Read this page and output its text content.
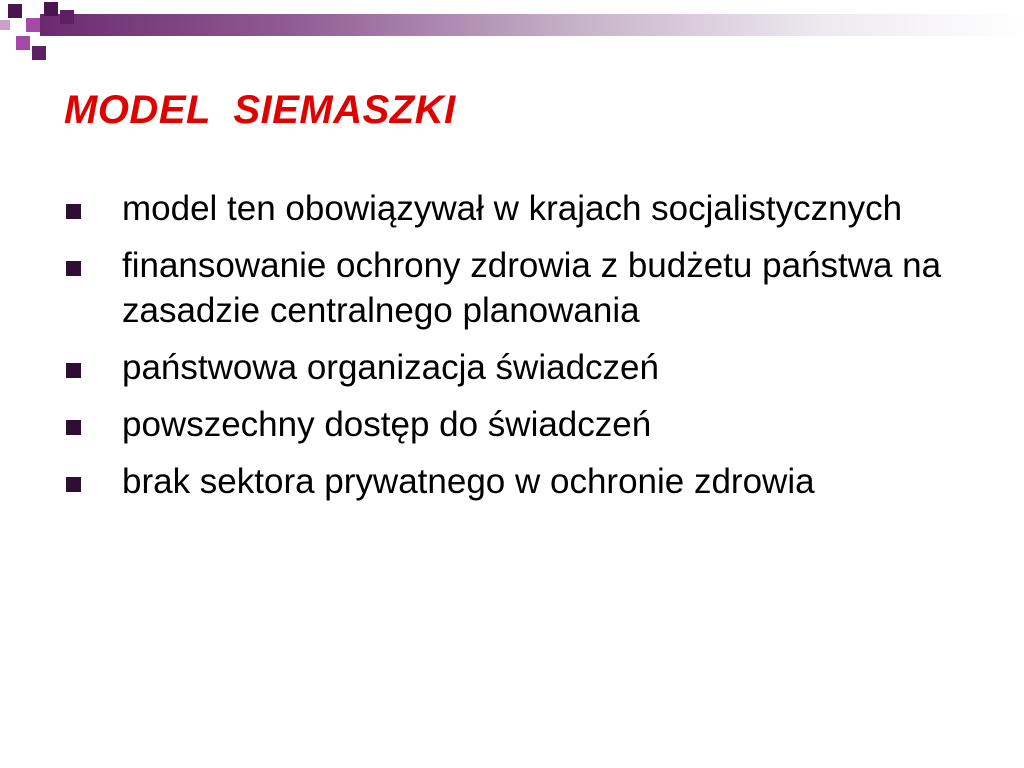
MODEL  SIEMASZKI
model ten obowiązywał w krajach socjalistycznych
finansowanie ochrony zdrowia z budżetu państwa na zasadzie centralnego planowania
państwowa organizacja świadczeń
powszechny dostęp do świadczeń
brak sektora prywatnego w ochronie zdrowia
